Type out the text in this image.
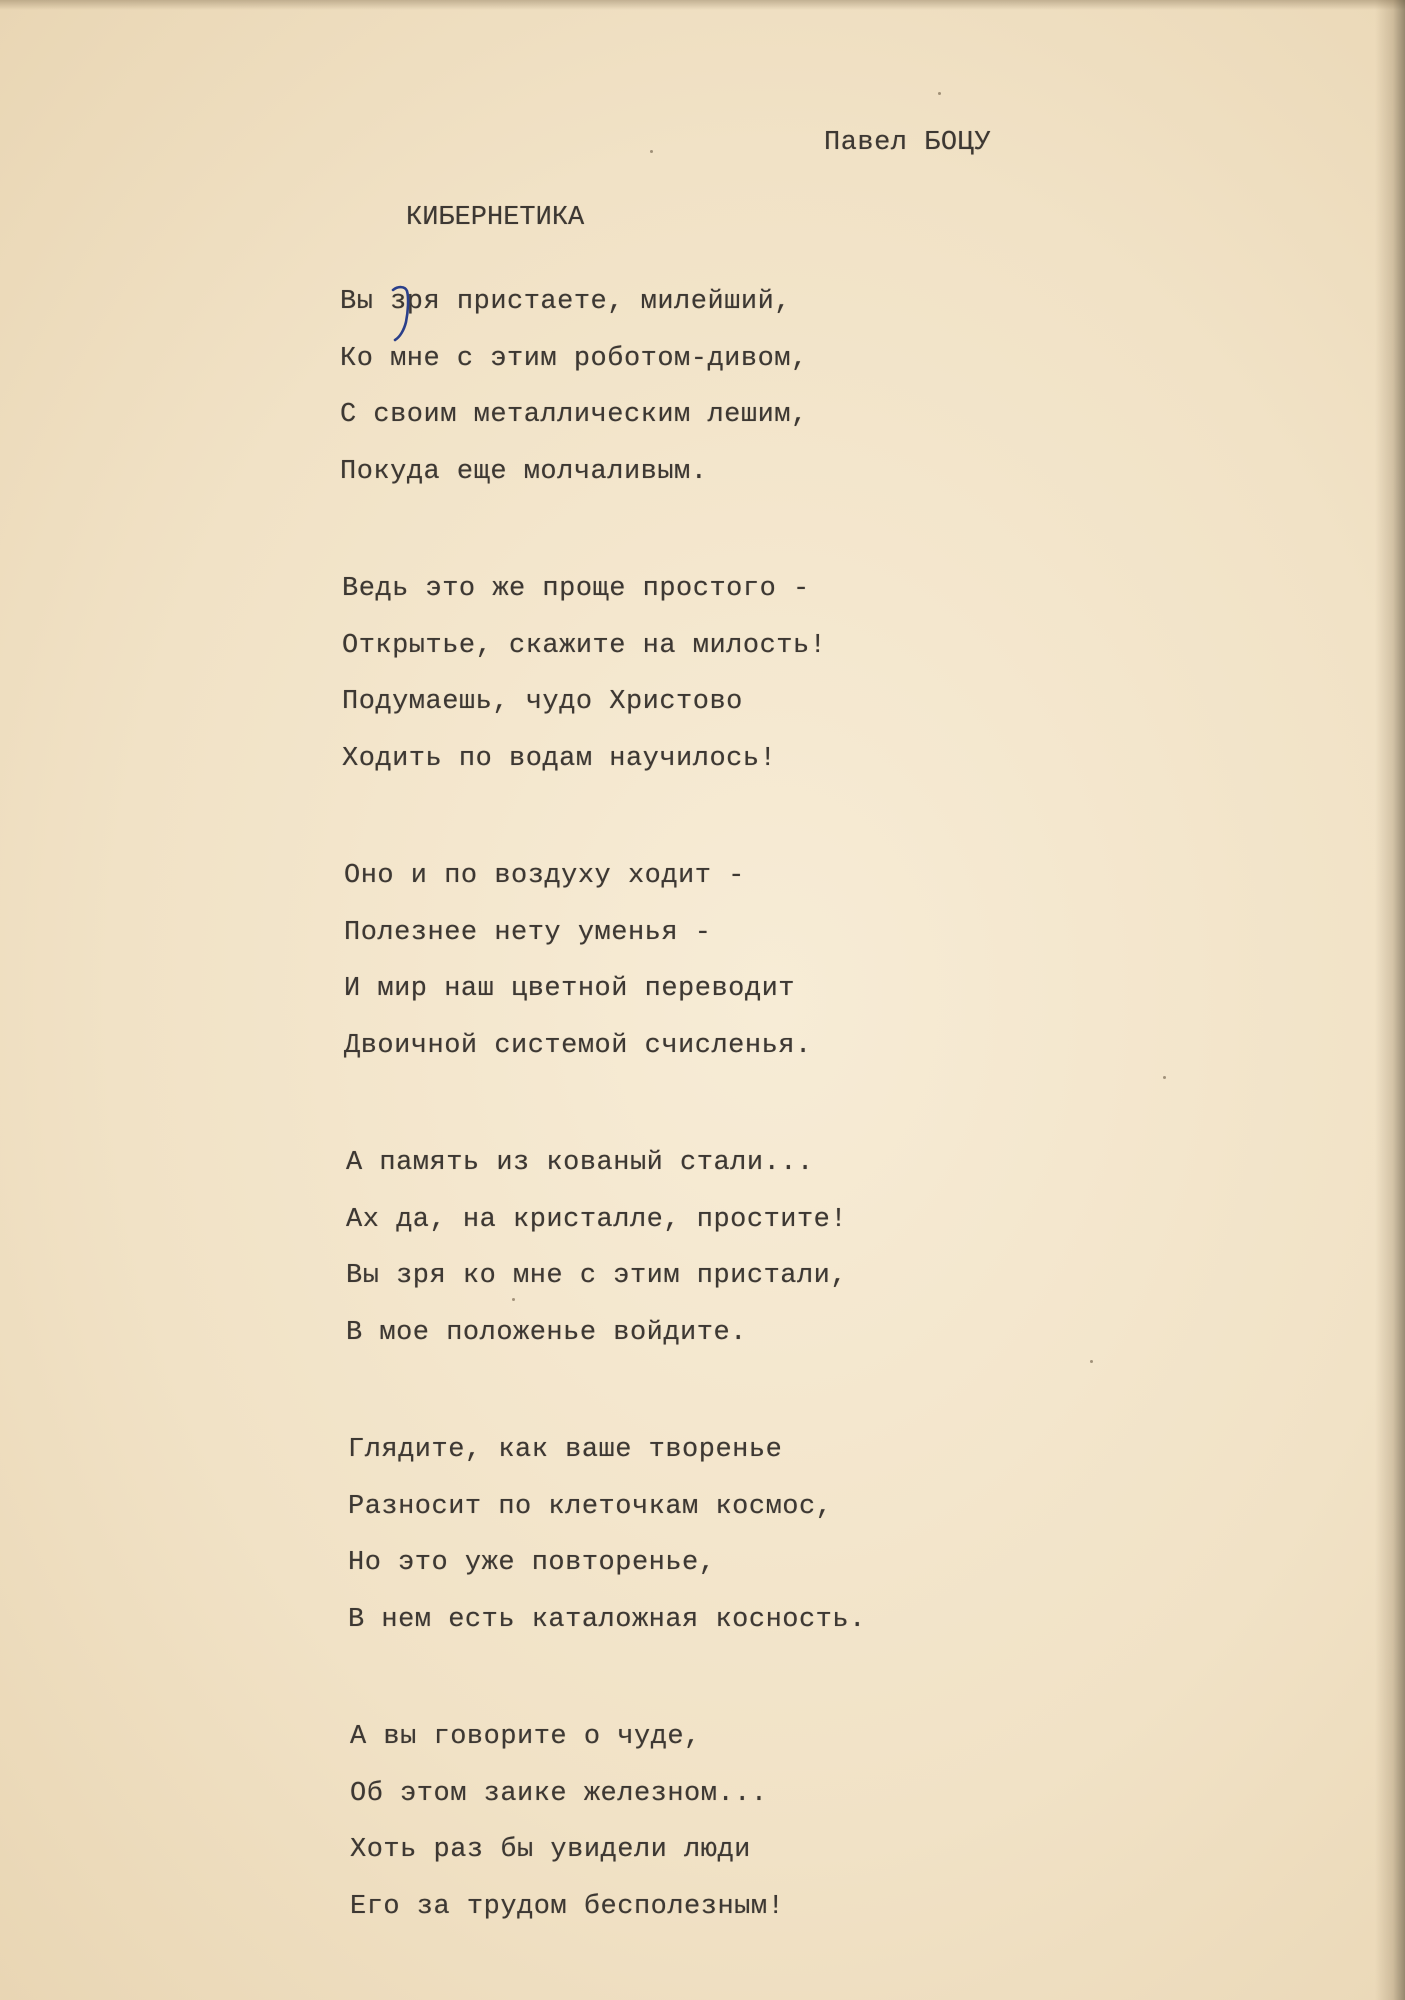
Павел БОЦУ
КИБЕРНЕТИКА
Вы зря пристаете, милейший,
Ко мне с этим роботом-дивом,
С своим металлическим лешим,
Покуда еще молчаливым.
Ведь это же проще простого -
Открытье, скажите на милость!
Подумаешь, чудо Христово
Ходить по водам научилось!
Оно и по воздуху ходит -
Полезнее нету уменья -
И мир наш цветной переводит
Двоичной системой счисленья.
А память из кованый стали...
Ах да, на кристалле, простите!
Вы зря ко мне с этим пристали,
В мое положенье войдите.
Глядите, как ваше творенье
Разносит по клеточкам космос,
Но это уже повторенье,
В нем есть каталожная косность.
А вы говорите о чуде,
Об этом заике железном...
Хоть раз бы увидели люди
Его за трудом бесполезным!
